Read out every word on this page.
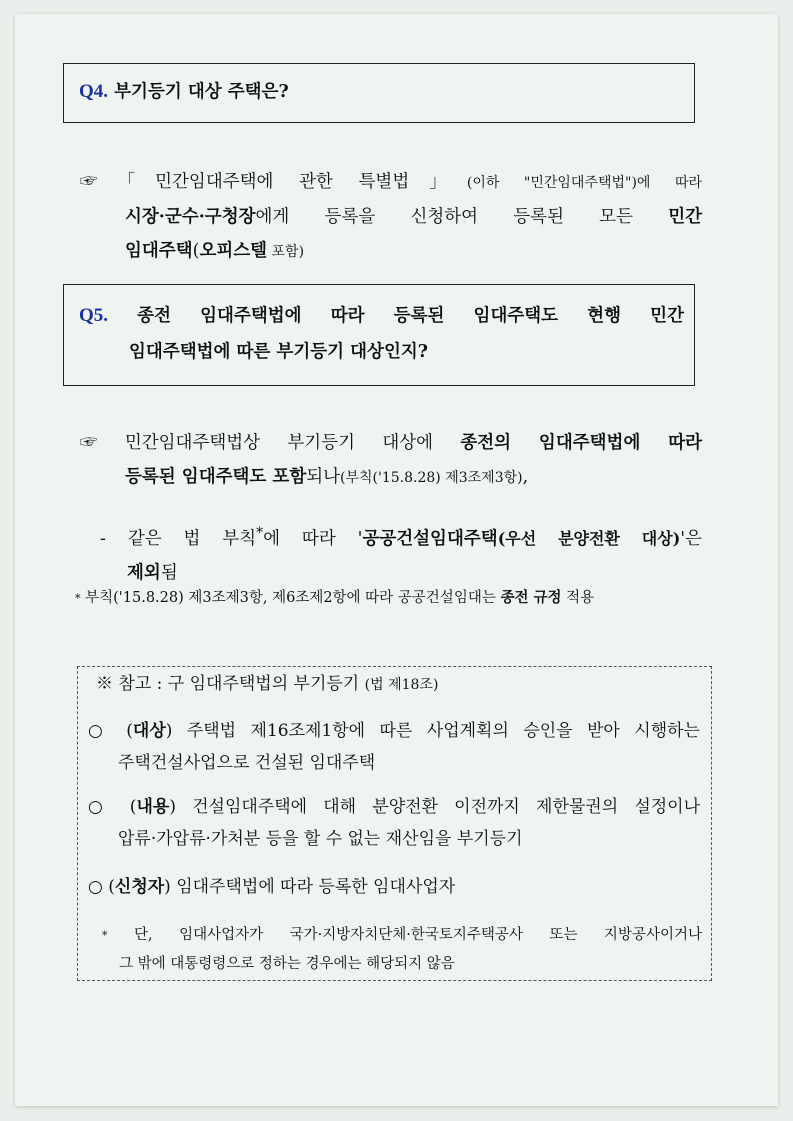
Q4. 부기등기 대상 주택은?
☞「민간임대주택에 관한 특별법」(이하 "민간임대주택법")에 따라
시장·군수·구청장에게 등록을 신청하여 등록된 모든 민간
임대주택(오피스텔 포함)
Q5. 종전 임대주택법에 따라 등록된 임대주택도 현행 민간
임대주택법에 따른 부기등기 대상인지?
☞ 민간임대주택법상 부기등기 대상에 종전의 임대주택법에 따라
등록된 임대주택도 포함되나(부칙('15.8.28) 제3조제3항),
- 같은 법 부칙*에 따라 '공공건설임대주택(우선 분양전환 대상)'은
제외됨
* 부칙('15.8.28) 제3조제3항, 제6조제2항에 따라 공공건설임대는 종전 규정 적용
※ 참고 : 구 임대주택법의 부기등기 (법 제18조)
○ (대상) 주택법 제16조제1항에 따른 사업계획의 승인을 받아 시행하는
주택건설사업으로 건설된 임대주택
○ (내용) 건설임대주택에 대해 분양전환 이전까지 제한물권의 설정이나
압류·가압류·가처분 등을 할 수 없는 재산임을 부기등기
○ (신청자) 임대주택법에 따라 등록한 임대사업자
* 단, 임대사업자가 국가·지방자치단체·한국토지주택공사 또는 지방공사이거나
그 밖에 대통령령으로 정하는 경우에는 해당되지 않음
